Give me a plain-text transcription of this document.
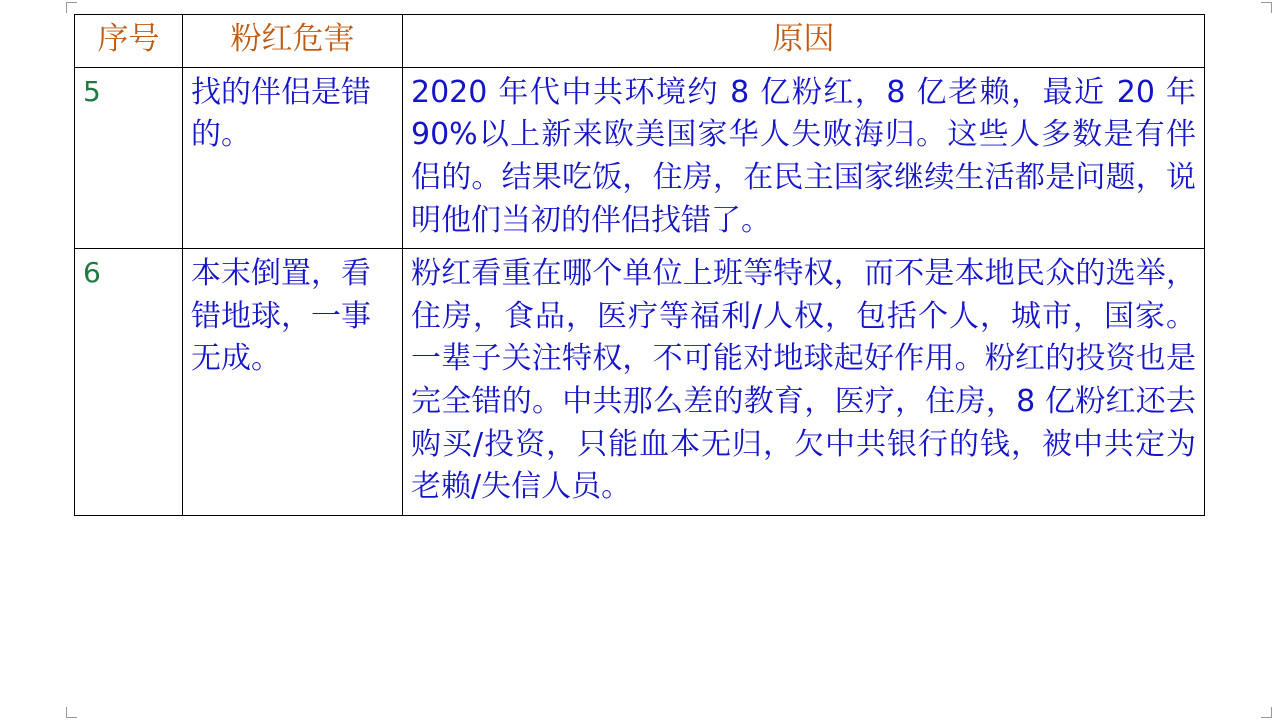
序号	粉红危害	原因
5	找的伴侣是错的。	2020 年代中共环境约 8 亿粉红，8 亿老赖，最近 20 年 90%以上新来欧美国家华人失败海归。这些人多数是有伴侣的。结果吃饭，住房，在民主国家继续生活都是问题，说明他们当初的伴侣找错了。
6	本末倒置，看错地球，一事无成。	粉红看重在哪个单位上班等特权，而不是本地民众的选举，住房，食品，医疗等福利/人权，包括个人，城市，国家。一辈子关注特权，不可能对地球起好作用。粉红的投资也是完全错的。中共那么差的教育，医疗，住房，8 亿粉红还去购买/投资，只能血本无归，欠中共银行的钱，被中共定为老赖/失信人员。
